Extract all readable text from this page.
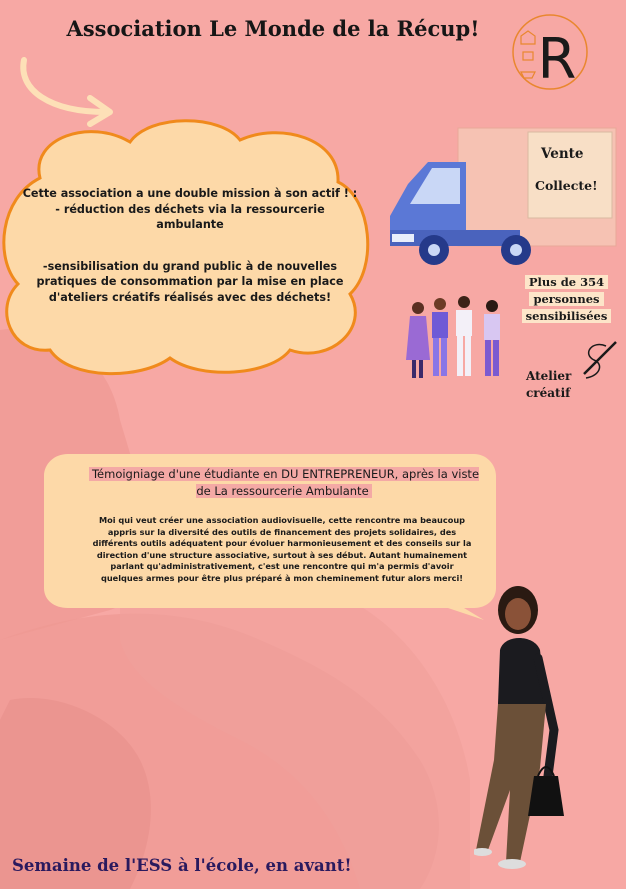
Association Le Monde de la Récup!	R

Cette association a une double mission à son actif ! :

- réduction des déchets via la ressourcerie ambulante

-sensibilisation du grand public à de nouvelles pratiques de consommation par la mise en place d'ateliers créatifs réalisés avec des déchets!

Vente
Collecte!
Plus de 354
personnes
sensibilisées
Atelier
créatif
Témoigniage d'une étudiante en DU ENTREPRENEUR, après la viste de La ressourcerie Ambulante
Moi qui veut créer une association audiovisuelle, cette rencontre ma beaucoup appris sur la diversité des outils de financement des projets solidaires, des différents outils adéquatent pour évoluer harmonieusement et des conseils sur la direction d'une structure associative, surtout à ses début. Autant humainement parlant qu'administrativement, c'est une rencontre qui m'a permis d'avoir quelques armes pour être plus préparé à mon cheminement futur alors merci!
Semaine de l'ESS à l'école, en avant!
